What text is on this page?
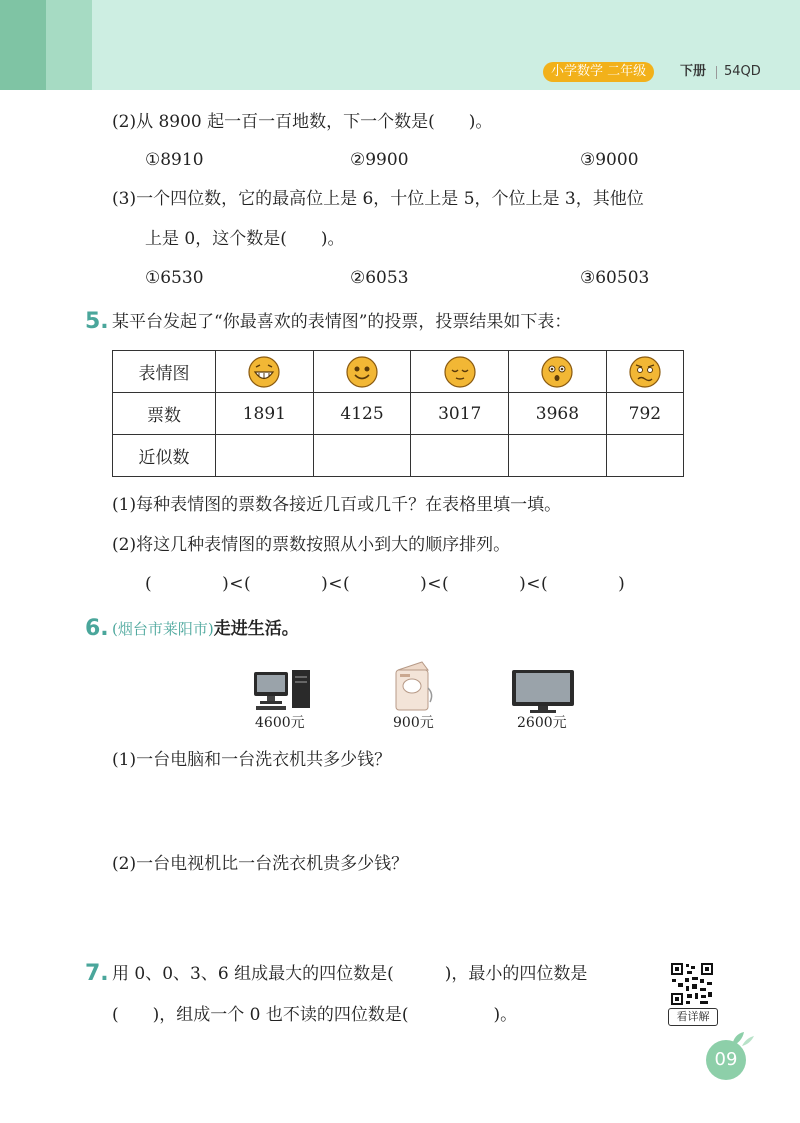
小学数学 二年级	下册 54QD
(2)从 8900 起一百一百地数，下一个数是(　　)。
①8910	②9900	③9000
(3)一个四位数，它的最高位上是 6，十位上是 5，个位上是 3，其他位
上是 0，这个数是(　　)。
①6530	②6053	③60503
5. 某平台发起了“你最喜欢的表情图”的投票，投票结果如下表：
表情图					
票数	1891	4125	3017	3968	792
近似数					
(1)每种表情图的票数各接近几百或几千？在表格里填一填。
(2)将这几种表情图的票数按照从小到大的顺序排列。
(　　　　)<(　　　　)<(　　　　)<(　　　　)<(　　　　)
6. (烟台市莱阳市)走进生活。
4600元	900元	2600元
(1)一台电脑和一台洗衣机共多少钱？
(2)一台电视机比一台洗衣机贵多少钱？
7. 用 0、0、3、6 组成最大的四位数是(　　　)，最小的四位数是
(　　)，组成一个 0 也不读的四位数是(　　　　　)。	看详解
09
